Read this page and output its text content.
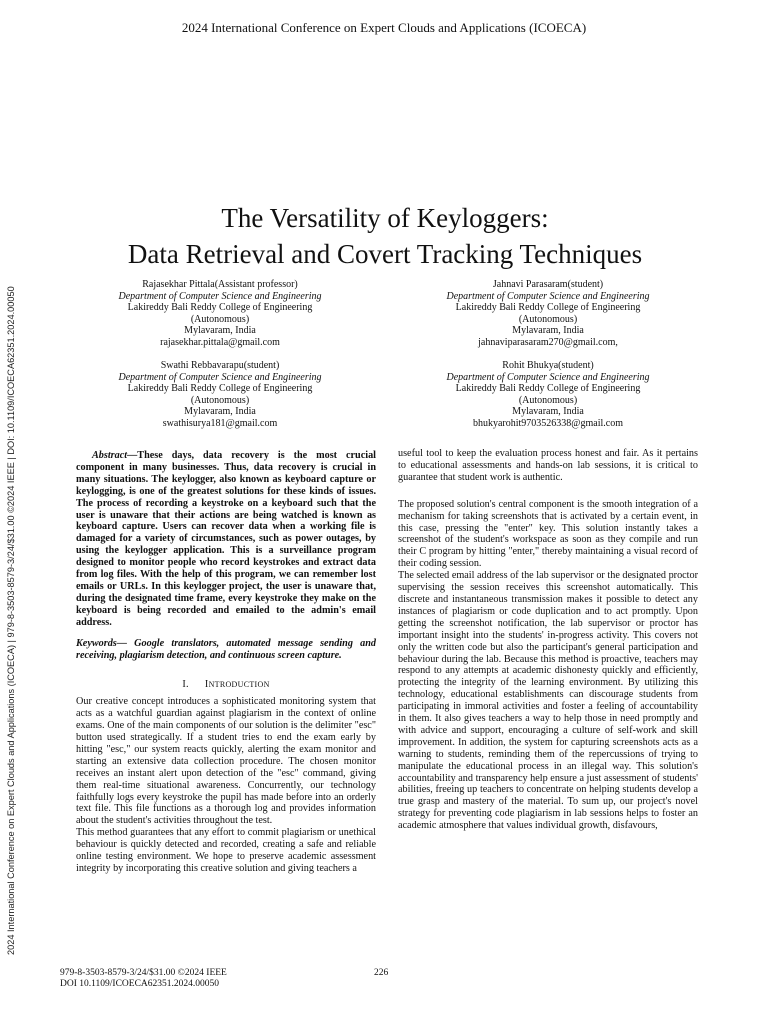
2024 International Conference on Expert Clouds and Applications (ICOECA)
2024 International Conference on Expert Clouds and Applications (ICOECA) | 979-8-3503-8579-3/24/$31.00 ©2024 IEEE | DOI: 10.1109/ICOECA62351.2024.00050
The Versatility of Keyloggers:
Data Retrieval and Covert Tracking Techniques
Rajasekhar Pittala(Assistant professor)
Department of Computer Science and Engineering
Lakireddy Bali Reddy College of Engineering
(Autonomous)
Mylavaram, India
rajasekhar.pittala@gmail.com
Jahnavi Parasaram(student)
Department of Computer Science and Engineering
Lakireddy Bali Reddy College of Engineering
(Autonomous)
Mylavaram, India
jahnaviparasaram270@gmail.com,
Swathi Rebbavarapu(student)
Department of Computer Science and Engineering
Lakireddy Bali Reddy College of Engineering
(Autonomous)
Mylavaram, India
swathisurya181@gmail.com
Rohit Bhukya(student)
Department of Computer Science and Engineering
Lakireddy Bali Reddy College of Engineering
(Autonomous)
Mylavaram, India
bhukyarohit9703526338@gmail.com

Abstract—These days, data recovery is the most crucial component in many businesses. Thus, data recovery is crucial in many situations. The keylogger, also known as keyboard capture or keylogging, is one of the greatest solutions for these kinds of issues. The process of recording a keystroke on a keyboard such that the user is unaware that their actions are being watched is known as keyboard capture. Users can recover data when a working file is damaged for a variety of circumstances, such as power outages, by using the keylogger application. This is a surveillance program designed to monitor people who record keystrokes and extract data from log files. With the help of this program, we can remember lost emails or URLs. In this keylogger project, the user is unaware that, during the designated time frame, every keystroke they make on the keyboard is being recorded and emailed to the admin's email address.

Keywords— Google translators, automated message sending and receiving, plagiarism detection, and continuous screen capture.

I. INTRODUCTION

Our creative concept introduces a sophisticated monitoring system that acts as a watchful guardian against plagiarism in the context of online exams. One of the main components of our solution is the delimiter "esc" button used strategically. If a student tries to end the exam early by hitting "esc," our system reacts quickly, alerting the exam monitor and starting an extensive data collection procedure. The chosen monitor receives an instant alert upon detection of the "esc" command, giving them real-time situational awareness. Concurrently, our technology faithfully logs every keystroke the pupil has made before into an orderly text file. This file functions as a thorough log and provides information about the student's activities throughout the test.

This method guarantees that any effort to commit plagiarism or unethical behaviour is quickly detected and recorded, creating a safe and reliable online testing environment. We hope to preserve academic assessment integrity by incorporating this creative solution and giving teachers a

useful tool to keep the evaluation process honest and fair. As it pertains to educational assessments and hands-on lab sessions, it is critical to guarantee that student work is authentic.

The proposed solution's central component is the smooth integration of a mechanism for taking screenshots that is activated by a certain event, in this case, pressing the "enter" key. This solution instantly takes a screenshot of the student's workspace as soon as they compile and run their C program by hitting "enter," thereby maintaining a visual record of their coding session.

The selected email address of the lab supervisor or the designated proctor supervising the session receives this screenshot automatically. This discrete and instantaneous transmission makes it possible to detect any instances of plagiarism or code duplication and to act promptly. Upon getting the screenshot notification, the lab supervisor or proctor has important insight into the students' in-progress activity. This covers not only the written code but also the participant's general participation and behaviour during the lab. Because this method is proactive, teachers may respond to any attempts at academic dishonesty quickly and efficiently, protecting the integrity of the learning environment. By utilizing this technology, educational establishments can discourage students from participating in immoral activities and foster a feeling of accountability in them. It also gives teachers a way to help those in need promptly and with advice and support, encouraging a culture of self-work and skill improvement. In addition, the system for capturing screenshots acts as a warning to students, reminding them of the repercussions of trying to manipulate the educational process in an illegal way. This solution's accountability and transparency help ensure a just assessment of students' abilities, freeing up teachers to concentrate on helping students develop a true grasp and mastery of the material. To sum up, our project's novel strategy for preventing code plagiarism in lab sessions helps to foster an academic atmosphere that values individual growth, disfavours,

979-8-3503-8579-3/24/$31.00 ©2024 IEEE
DOI 10.1109/ICOECA62351.2024.00050
226
